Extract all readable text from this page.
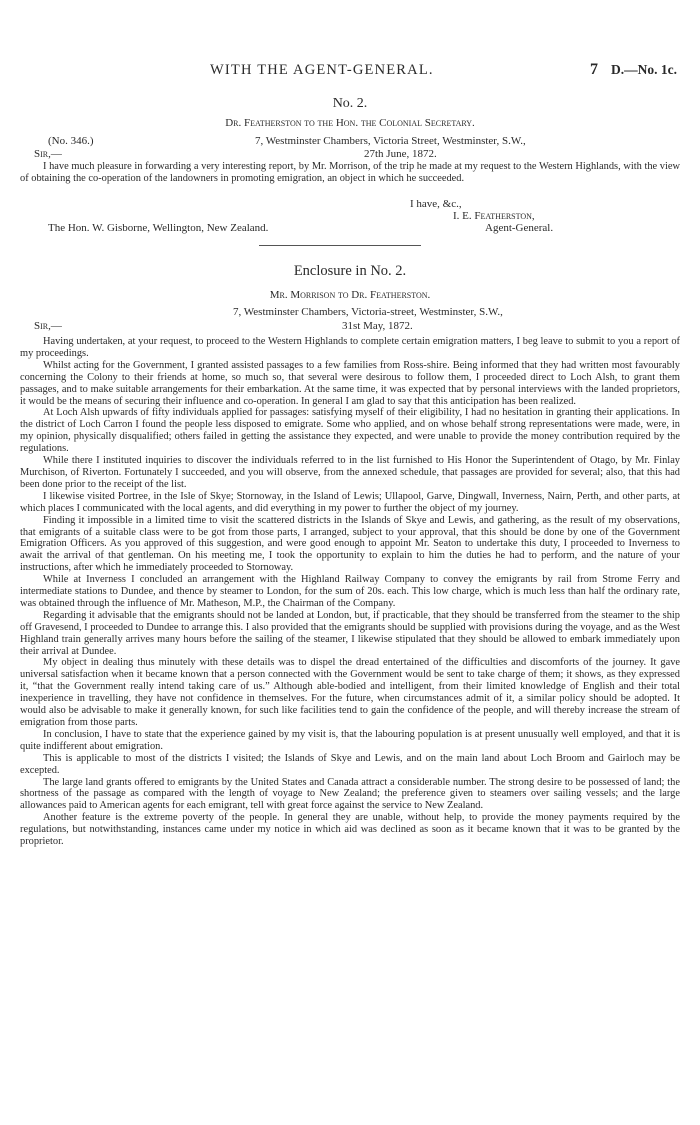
WITH THE AGENT-GENERAL.	7 D.—No. 1c.
No. 2.
Dr. Featherston to the Hon. the Colonial Secretary.
(No. 346.)	7, Westminster Chambers, Victoria Street, Westminster, S.W.,
Sir,—	27th June, 1872.

I have much pleasure in forwarding a very interesting report, by Mr. Morrison, of the trip he made at my request to the Western Highlands, with the view of obtaining the co-operation of the landowners in promoting emigration, an object in which he succeeded.

I have, &c.,
I. E. Featherston,
The Hon. W. Gisborne, Wellington, New Zealand.	Agent-General.
Enclosure in No. 2.
Mr. Morrison to Dr. Featherston.
7, Westminster Chambers, Victoria-street, Westminster, S.W.,
Sir,—	31st May, 1872.

Having undertaken, at your request, to proceed to the Western Highlands to complete certain emigration matters, I beg leave to submit to you a report of my proceedings.

Whilst acting for the Government, I granted assisted passages to a few families from Ross-shire. Being informed that they had written most favourably concerning the Colony to their friends at home, so much so, that several were desirous to follow them, I proceeded direct to Loch Alsh, to grant them passages, and to make suitable arrangements for their embarkation. At the same time, it was expected that by personal interviews with the landed proprietors, it would be the means of securing their influence and co-operation. In general I am glad to say that this anticipation has been realized.

At Loch Alsh upwards of fifty individuals applied for passages: satisfying myself of their eligibility, I had no hesitation in granting their applications. In the district of Loch Carron I found the people less disposed to emigrate. Some who applied, and on whose behalf strong representations were made, were, in my opinion, physically disqualified; others failed in getting the assistance they expected, and were unable to provide the money contribution required by the regulations.

While there I instituted inquiries to discover the individuals referred to in the list furnished to His Honor the Superintendent of Otago, by Mr. Finlay Murchison, of Riverton. Fortunately I succeeded, and you will observe, from the annexed schedule, that passages are provided for several; also, that this had been done prior to the receipt of the list.

I likewise visited Portree, in the Isle of Skye; Stornoway, in the Island of Lewis; Ullapool, Garve, Dingwall, Inverness, Nairn, Perth, and other parts, at which places I communicated with the local agents, and did everything in my power to further the object of my journey.

Finding it impossible in a limited time to visit the scattered districts in the Islands of Skye and Lewis, and gathering, as the result of my observations, that emigrants of a suitable class were to be got from those parts, I arranged, subject to your approval, that this should be done by one of the Government Emigration Officers. As you approved of this suggestion, and were good enough to appoint Mr. Seaton to undertake this duty, I proceeded to Inverness to await the arrival of that gentleman. On his meeting me, I took the opportunity to explain to him the duties he had to perform, and the nature of your instructions, after which he immediately proceeded to Stornoway.

While at Inverness I concluded an arrangement with the Highland Railway Company to convey the emigrants by rail from Strome Ferry and intermediate stations to Dundee, and thence by steamer to London, for the sum of 20s. each. This low charge, which is much less than half the ordinary rate, was obtained through the influence of Mr. Matheson, M.P., the Chairman of the Company.

Regarding it advisable that the emigrants should not be landed at London, but, if practicable, that they should be transferred from the steamer to the ship off Gravesend, I proceeded to Dundee to arrange this. I also provided that the emigrants should be supplied with provisions during the voyage, and as the West Highland train generally arrives many hours before the sailing of the steamer, I likewise stipulated that they should be allowed to embark immediately upon their arrival at Dundee.

My object in dealing thus minutely with these details was to dispel the dread entertained of the difficulties and discomforts of the journey. It gave universal satisfaction when it became known that a person connected with the Government would be sent to take charge of them; it shows, as they expressed it, “that the Government really intend taking care of us.” Although able-bodied and intelligent, from their limited knowledge of English and their total inexperience in travelling, they have not confidence in themselves. For the future, when circumstances admit of it, a similar policy should be adopted. It would also be advisable to make it generally known, for such like facilities tend to gain the confidence of the people, and will thereby increase the stream of emigration from those parts.

In conclusion, I have to state that the experience gained by my visit is, that the labouring population is at present unusually well employed, and that it is quite indifferent about emigration.

This is applicable to most of the districts I visited; the Islands of Skye and Lewis, and on the main land about Loch Broom and Gairloch may be excepted.

The large land grants offered to emigrants by the United States and Canada attract a considerable number. The strong desire to be possessed of land; the shortness of the passage as compared with the length of voyage to New Zealand; the preference given to steamers over sailing vessels; and the large allowances paid to American agents for each emigrant, tell with great force against the service to New Zealand.

Another feature is the extreme poverty of the people. In general they are unable, without help, to provide the money payments required by the regulations, but notwithstanding, instances came under my notice in which aid was declined as soon as it became known that it was to be granted by the proprietor.
